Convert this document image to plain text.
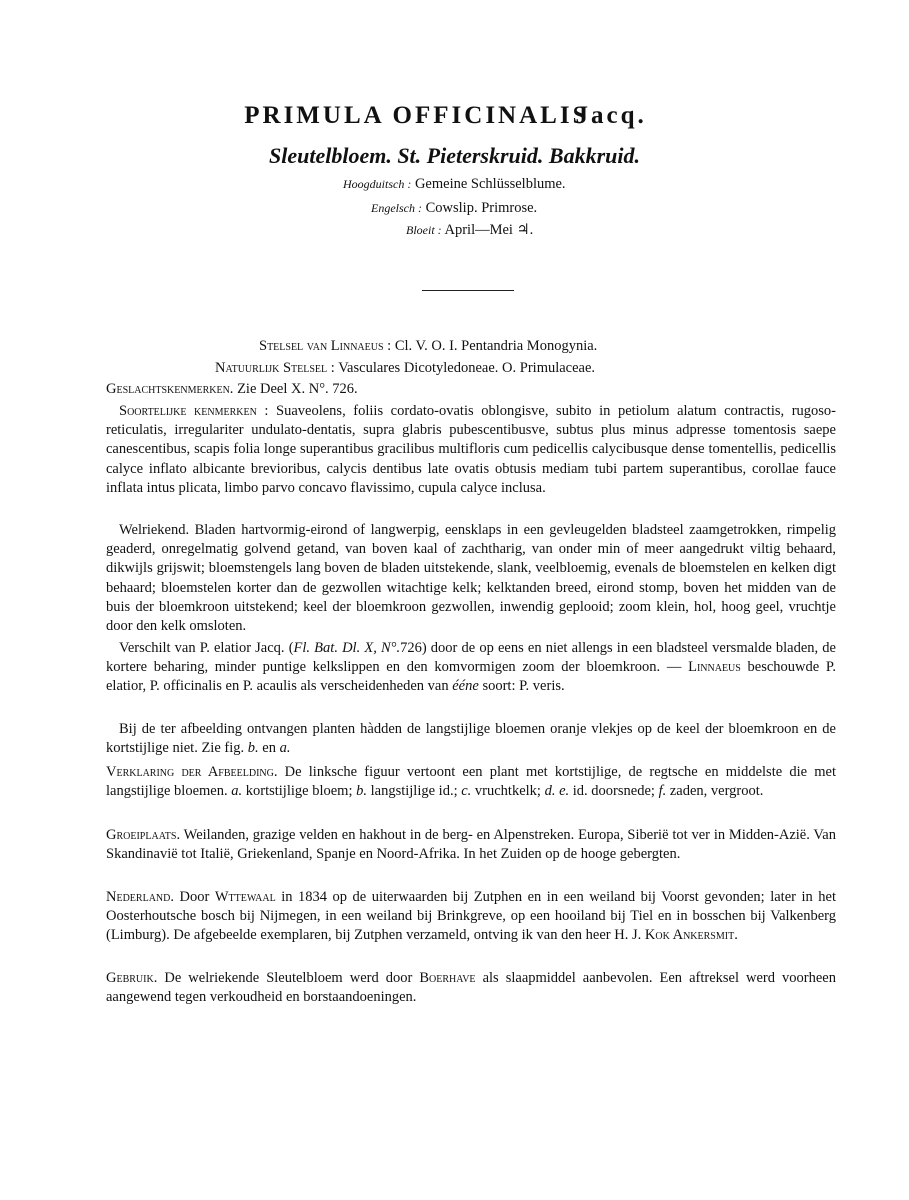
PRIMULA OFFICINALIS Jacq.
Sleutelbloem. St. Pieterskruid. Bakkruid.
Hoogduitsch : Gemeine Schlüsselblume.
Engelsch : Cowslip. Primrose.
Bloeit : April—Mei ♃.
Stelsel van Linnaeus : Cl. V. O. I. Pentandria Monogynia.
Natuurlijk Stelsel : Vasculares Dicotyledoneae. O. Primulaceae.
Geslachtskenmerken. Zie Deel X. N°. 726.
Soortelijke kenmerken : Suaveolens, foliis cordato-ovatis oblongisve, subito in petiolum alatum contractis, rugoso-reticulatis, irregulariter undulato-dentatis, supra glabris pubescentibusve, subtus plus minus adpresse tomentosis saepe canescentibus, scapis folia longe superantibus gracilibus multifloris cum pedicellis calycibusque dense tomentellis, pedicellis calyce inflato albicante brevioribus, calycis dentibus late ovatis obtusis mediam tubi partem superantibus, corollae fauce inflata intus plicata, limbo parvo concavo flavissimo, cupula calyce inclusa.
Welriekend. Bladen hartvormig-eirond of langwerpig, eensklaps in een gevleugelden bladsteel zaamgetrokken, rimpelig geaderd, onregelmatig golvend getand, van boven kaal of zachtharig, van onder min of meer aangedrukt viltig behaard, dikwijls grijswit; bloemstengels lang boven de bladen uitstekende, slank, veelbloemig, evenals de bloemstelen en kelken digt behaard; bloemstelen korter dan de gezwollen witachtige kelk; kelktanden breed, eirond stomp, boven het midden van de buis der bloemkroon uitstekend; keel der bloemkroon gezwollen, inwendig geplooid; zoom klein, hol, hoog geel, vruchtje door den kelk omsloten.
Verschilt van P. elatior Jacq. (Fl. Bat. Dl. X, N°.726) door de op eens en niet allengs in een bladsteel versmalde bladen, de kortere beharing, minder puntige kelkslippen en den komvormigen zoom der bloemkroon. — Linnaeus beschouwde P. elatior, P. officinalis en P. acaulis als verscheidenheden van ééne soort: P. veris.
Bij de ter afbeelding ontvangen planten hàdden de langstijlige bloemen oranje vlekjes op de keel der bloemkroon en de kortstijlige niet. Zie fig. b. en a.
Verklaring der Afbeelding. De linksche figuur vertoont een plant met kortstijlige, de regtsche en middelste die met langstijlige bloemen. a. kortstijlige bloem; b. langstijlige id.; c. vruchtkelk; d. e. id. doorsnede; f. zaden, vergroot.
Groeiplaats. Weilanden, grazige velden en hakhout in de berg- en Alpenstreken. Europa, Siberië tot ver in Midden-Azië. Van Skandinavië tot Italië, Griekenland, Spanje en Noord-Afrika. In het Zuiden op de hooge gebergten.
Nederland. Door Wttewaal in 1834 op de uiterwaarden bij Zutphen en in een weiland bij Voorst gevonden; later in het Oosterhoutsche bosch bij Nijmegen, in een weiland bij Brinkgreve, op een hooiland bij Tiel en in bosschen bij Valkenberg (Limburg). De afgebeelde exemplaren, bij Zutphen verzameld, ontving ik van den heer H. J. Kok Ankersmit.
Gebruik. De welriekende Sleutelbloem werd door Boerhave als slaapmiddel aanbevolen. Een aftreksel werd voorheen aangewend tegen verkoudheid en borstaandoeningen.
